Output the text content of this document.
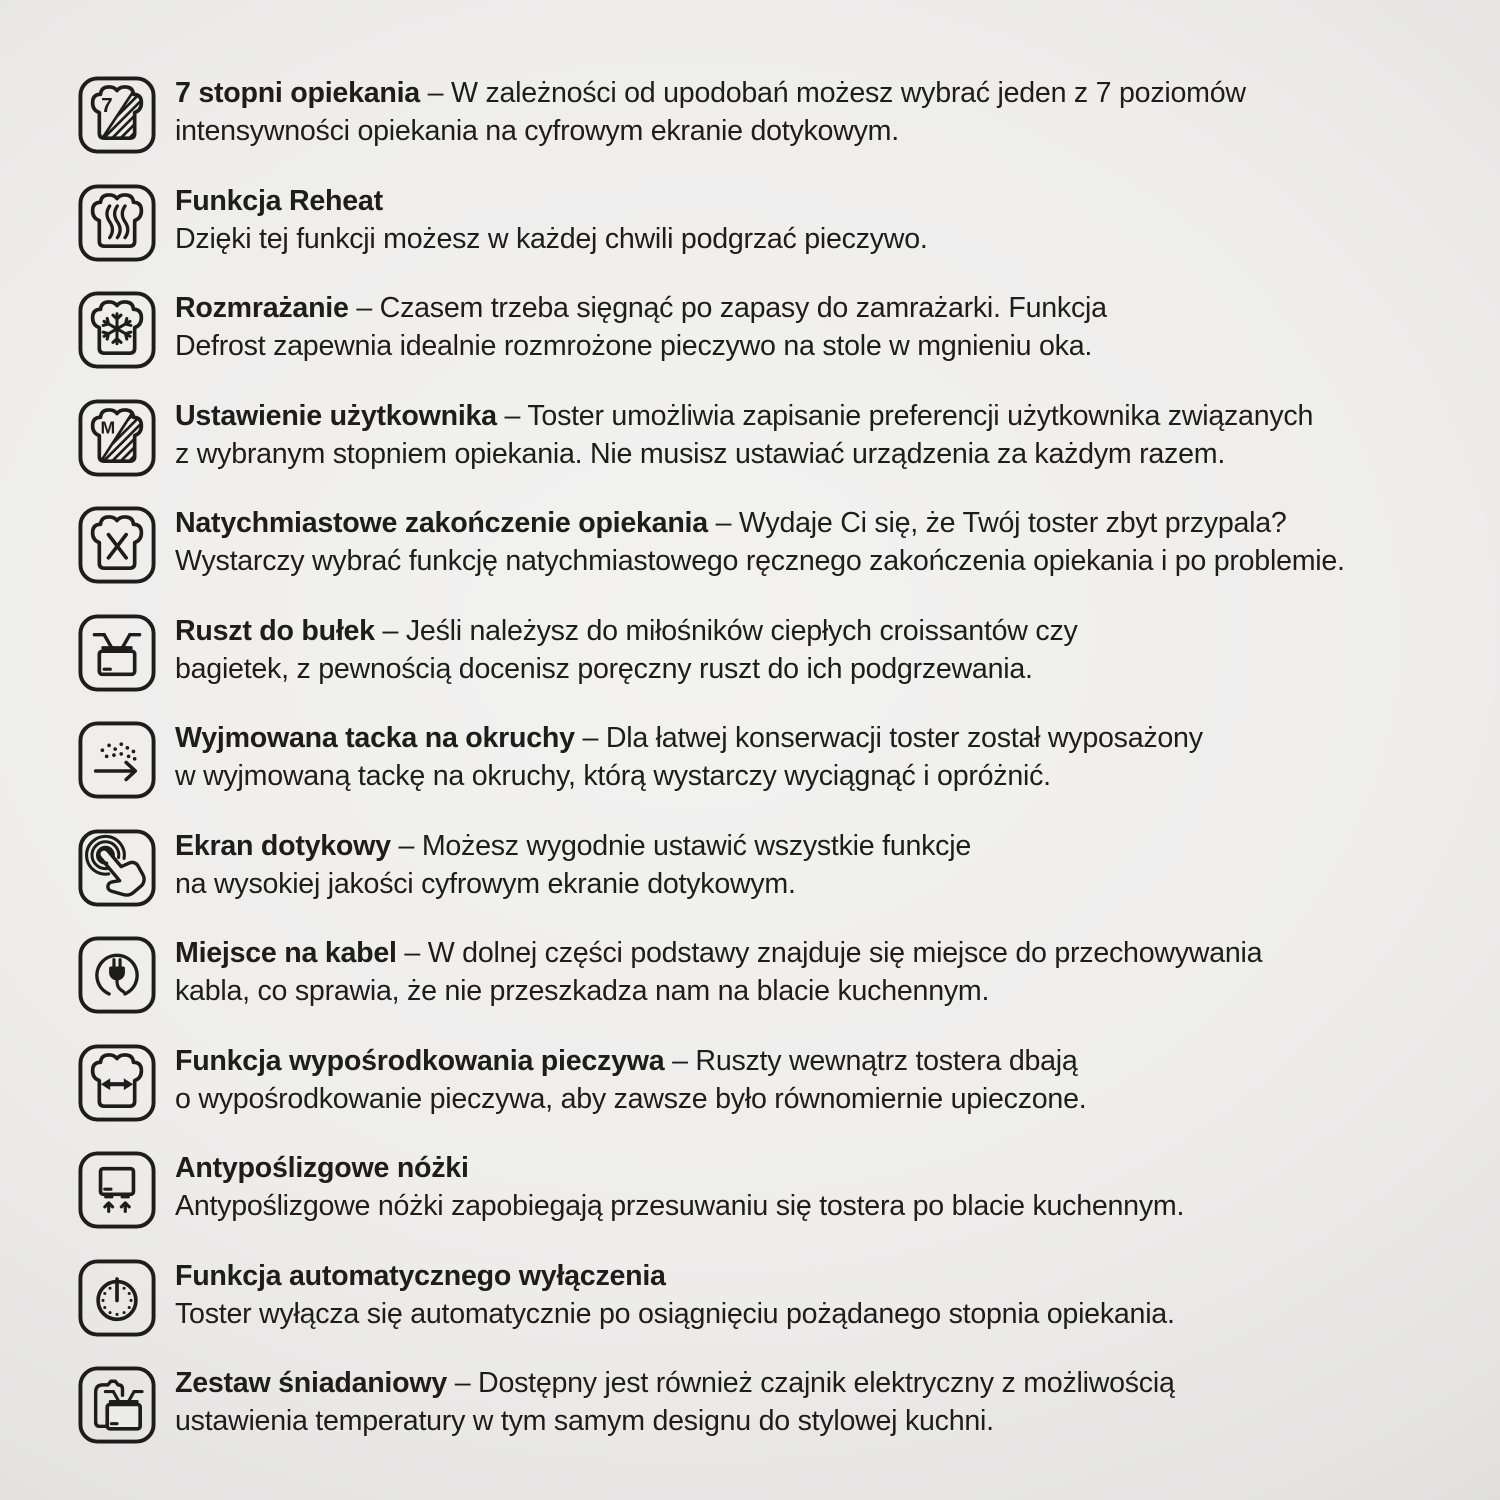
7 stopni opiekania – W zależności od upodobań możesz wybrać jeden z 7 poziomów

intensywności opiekania na cyfrowym ekranie dotykowym.

Funkcja Reheat

Dzięki tej funkcji możesz w każdej chwili podgrzać pieczywo.

Rozmrażanie – Czasem trzeba sięgnąć po zapasy do zamrażarki. Funkcja

Defrost zapewnia idealnie rozmrożone pieczywo na stole w mgnieniu oka.

Ustawienie użytkownika – Toster umożliwia zapisanie preferencji użytkownika związanych

z wybranym stopniem opiekania. Nie musisz ustawiać urządzenia za każdym razem.

Natychmiastowe zakończenie opiekania – Wydaje Ci się, że Twój toster zbyt przypala?

Wystarczy wybrać funkcję natychmiastowego ręcznego zakończenia opiekania i po problemie.

Ruszt do bułek – Jeśli należysz do miłośników ciepłych croissantów czy

bagietek, z pewnością docenisz poręczny ruszt do ich podgrzewania.

Wyjmowana tacka na okruchy – Dla łatwej konserwacji toster został wyposażony

w wyjmowaną tackę na okruchy, którą wystarczy wyciągnąć i opróżnić.

Ekran dotykowy – Możesz wygodnie ustawić wszystkie funkcje

na wysokiej jakości cyfrowym ekranie dotykowym.

Miejsce na kabel – W dolnej części podstawy znajduje się miejsce do przechowywania

kabla, co sprawia, że nie przeszkadza nam na blacie kuchennym.

Funkcja wypośrodkowania pieczywa – Ruszty wewnątrz tostera dbają

o wypośrodkowanie pieczywa, aby zawsze było równomiernie upieczone.

Antypoślizgowe nóżki

Antypoślizgowe nóżki zapobiegają przesuwaniu się tostera po blacie kuchennym.

Funkcja automatycznego wyłączenia

Toster wyłącza się automatycznie po osiągnięciu pożądanego stopnia opiekania.

Zestaw śniadaniowy – Dostępny jest również czajnik elektryczny z możliwością

ustawienia temperatury w tym samym designu do stylowej kuchni.
